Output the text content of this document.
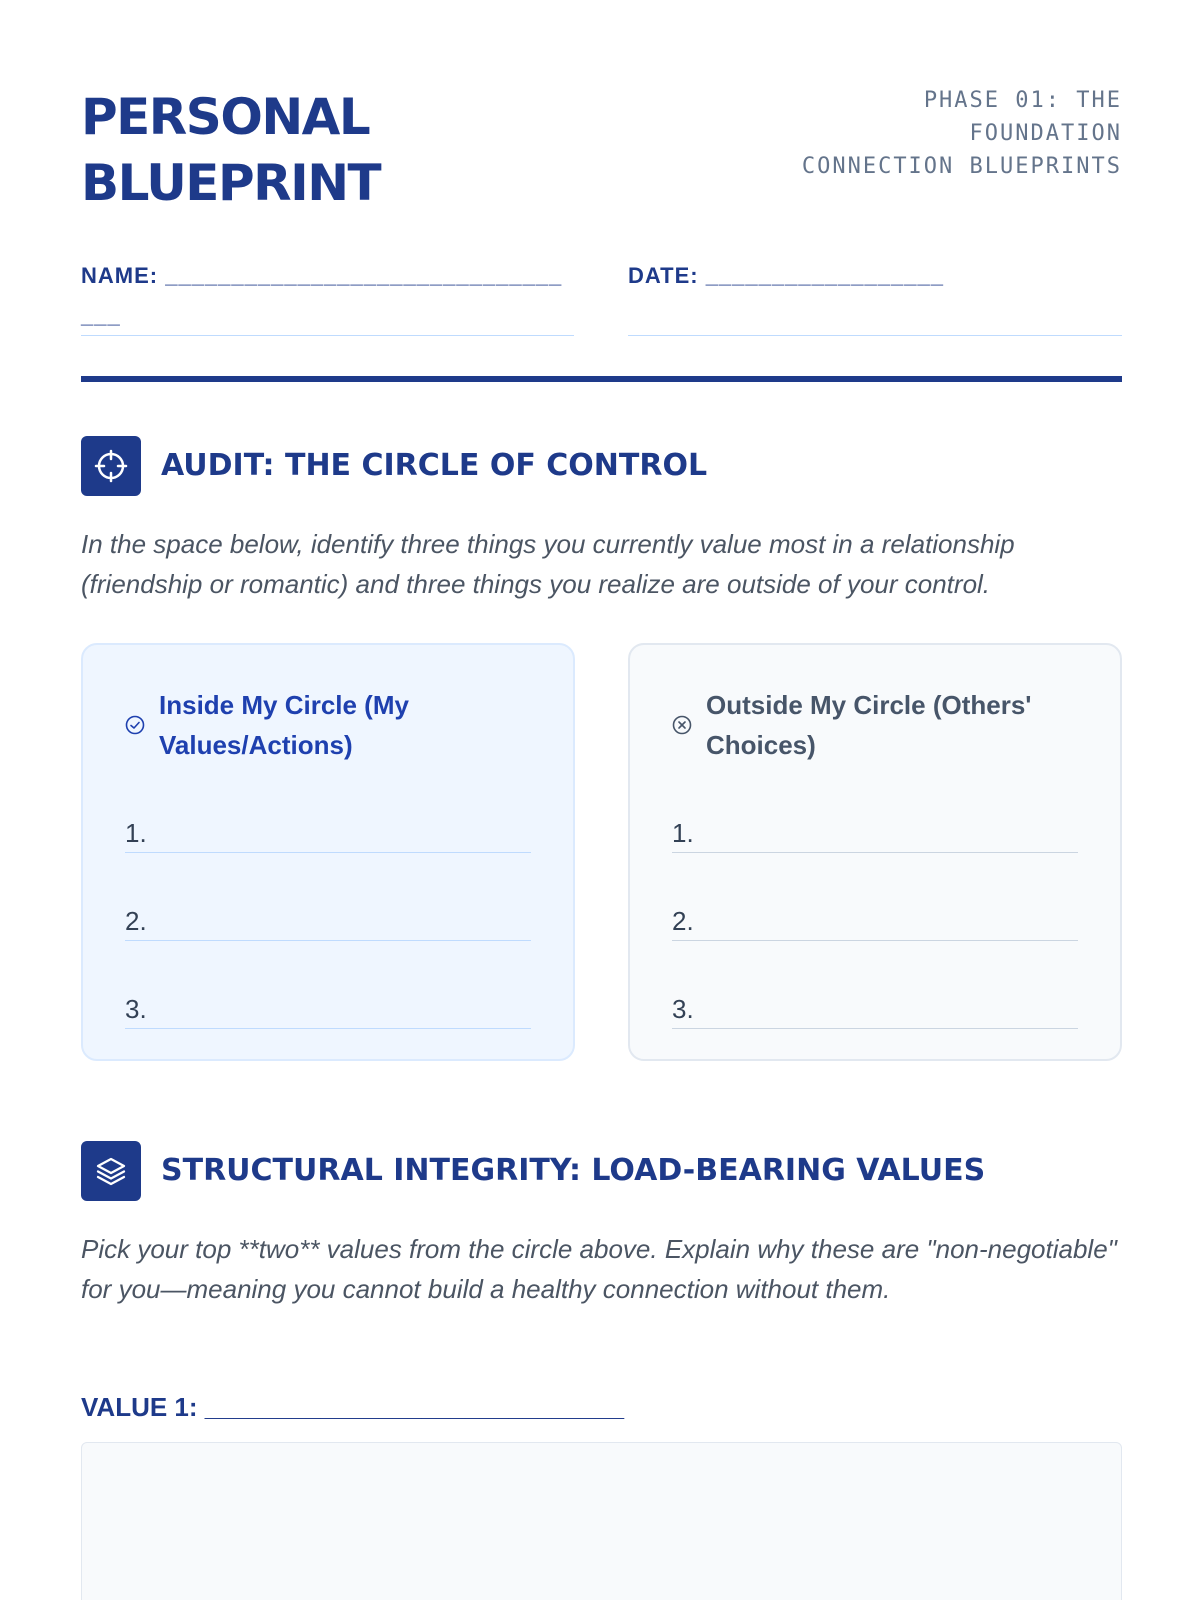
PERSONAL
BLUEPRINT
PHASE 01: THE
FOUNDATION
CONNECTION BLUEPRINTS
NAME: _________________________________
DATE: __________________
AUDIT: THE CIRCLE OF CONTROL
In the space below, identify three things you currently value most in a relationship (friendship or romantic) and three things you realize are outside of your control.
Inside My Circle (My Values/Actions)
1.
2.
3.
Outside My Circle (Others' Choices)
1.
2.
3.
STRUCTURAL INTEGRITY: LOAD-BEARING VALUES
Pick your top **two** values from the circle above. Explain why these are "non-negotiable" for you—meaning you cannot build a healthy connection without them.
VALUE 1: _____________________________
